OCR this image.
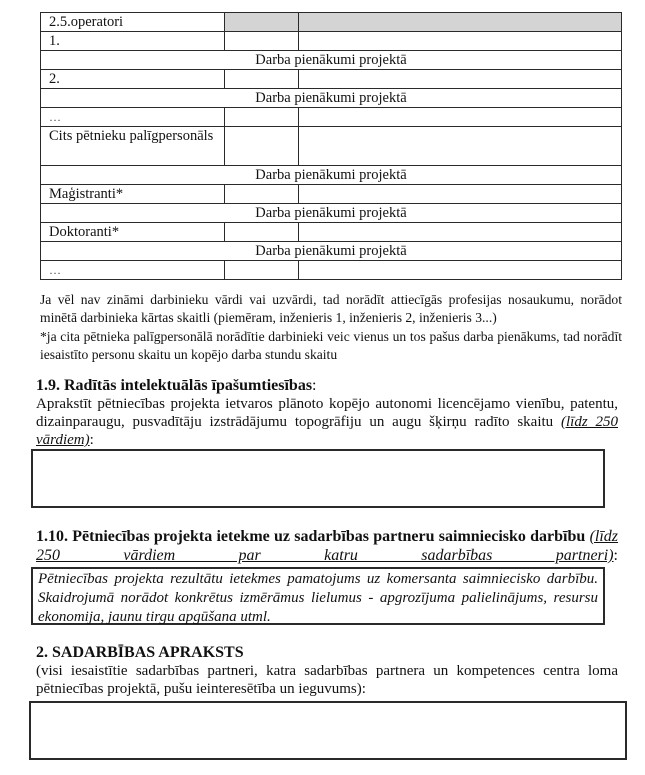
2.5.operatori		
1.		
Darba pienākumi projektā		
2.		
Darba pienākumi projektā		
…		
Cits pētnieku palīgpersonāls		
Darba pienākumi projektā		
Maģistranti*		
Darba pienākumi projektā		
Doktoranti*		
Darba pienākumi projektā		
…		

Ja vēl nav zināmi darbinieku vārdi vai uzvārdi, tad norādīt attiecīgās profesijas nosaukumu, norādot minētā darbinieka kārtas skaitli (piemēram, inženieris 1, inženieris 2, inženieris 3...)

*ja cita pētnieka palīgpersonālā norādītie darbinieki veic vienus un tos pašus darba pienākums, tad norādīt iesaistīto personu skaitu un kopējo darba stundu skaitu

1.9. Radītās intelektuālās īpašumtiesības:

Aprakstīt pētniecības projekta ietvaros plānoto kopējo autonomi licencējamo vienību, patentu, dizainparaugu, pusvadītāju izstrādājumu topogrāfiju un augu šķirņu radīto skaitu (līdz 250 vārdiem):

1.10. Pētniecības projekta ietekme uz sadarbības partneru saimniecisko darbību (līdz 250 vārdiem par katru sadarbības partneri):
Pētniecības projekta rezultātu ietekmes pamatojums uz komersanta saimniecisko darbību. Skaidrojumā norādot konkrētus izmērāmus lielumus - apgrozījuma palielinājums, resursu ekonomija, jaunu tirgu apgūšana utml.
2. SADARBĪBAS APRAKSTS

(visi iesaistītie sadarbības partneri, katra sadarbības partnera un kompetences centra loma pētniecības projektā, pušu ieinteresētība un ieguvums):
